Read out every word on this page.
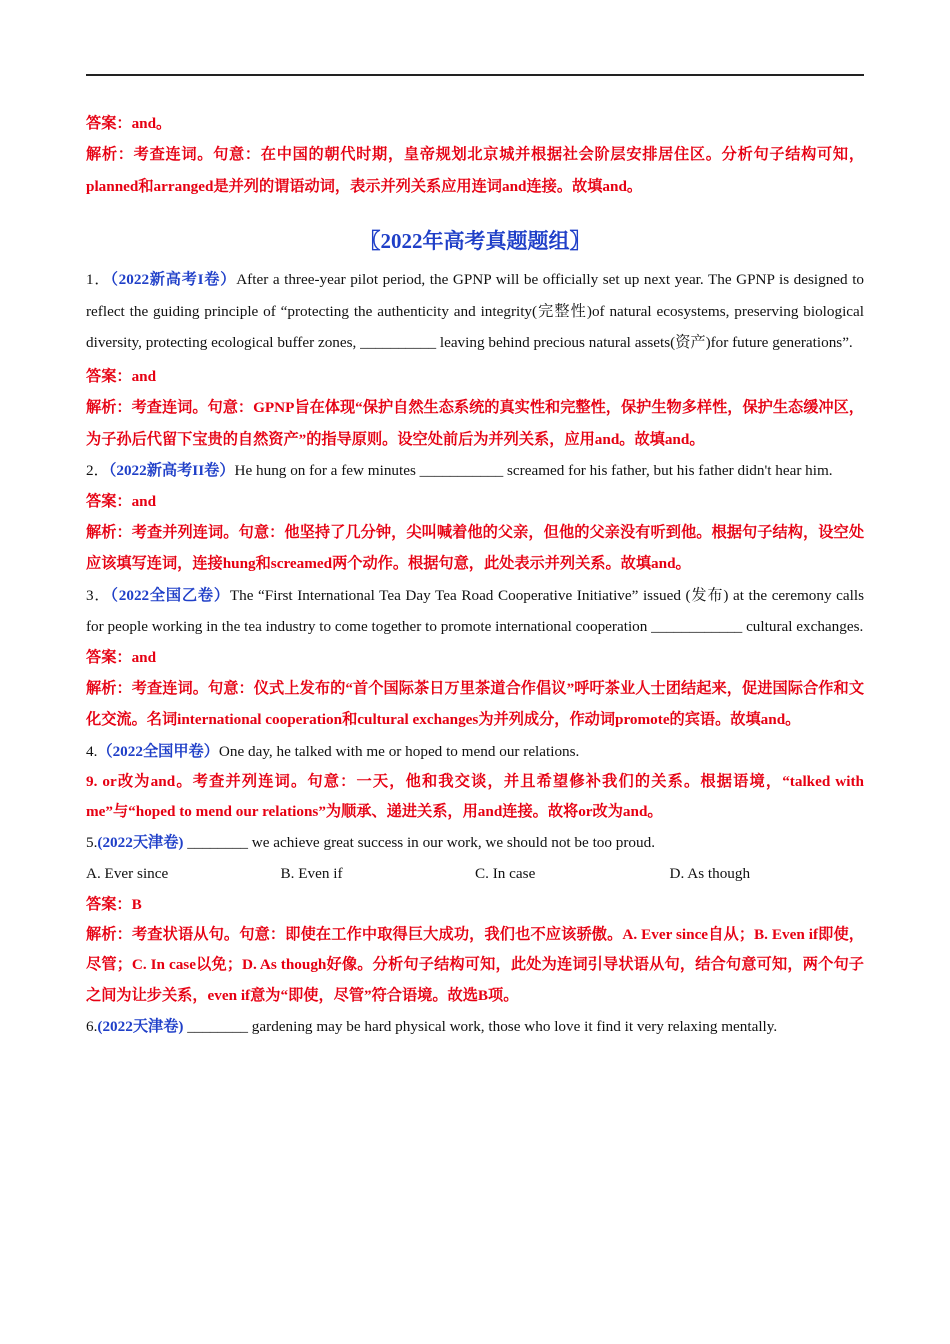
答案：and。
解析：考查连词。句意：在中国的朝代时期，皇帝规划北京城并根据社会阶层安排居住区。分析句子结构可知，planned和arranged是并列的谓语动词，表示并列关系应用连词and连接。故填and。
〖2022年高考真题题组〗
1．（2022新高考I卷）After a three-year pilot period, the GPNP will be officially set up next year. The GPNP is designed to reflect the guiding principle of “protecting the authenticity and integrity(完整性)of natural ecosystems, preserving biological diversity, protecting ecological buffer zones, __________ leaving behind precious natural assets(资产)for future generations”.
答案：and
解析：考查连词。句意：GPNP旨在体现“保护自然生态系统的真实性和完整性，保护生物多样性，保护生态缓冲区，为子孙后代留下宝贵的自然资产”的指导原则。设空处前后为并列关系，应用and。故填and。
2．（2022新高考II卷）He hung on for a few minutes ___________ screamed for his father, but his father didn't hear him.
答案：and
解析：考查并列连词。句意：他坚持了几分钟，尖叫喊着他的父亲，但他的父亲没有听到他。根据句子结构，设空处应该填写连词，连接hung和screamed两个动作。根据句意，此处表示并列关系。故填and。
3．（2022全国乙卷）The “First International Tea Day Tea Road Cooperative Initiative” issued (发布) at the ceremony calls for people working in the tea industry to come together to promote international cooperation ____________ cultural exchanges.
答案：and
解析：考查连词。句意：仪式上发布的“首个国际茶日万里茶道合作倡议”呼吁茶业人士团结起来，促进国际合作和文化交流。名词international cooperation和cultural exchanges为并列成分，作动词promote的宾语。故填and。
4.（2022全国甲卷）One day, he talked with me or hoped to mend our relations.
9. or改为and。考查并列连词。句意：一天，他和我交谈，并且希望修补我们的关系。根据语境，“talked with me”与“hoped to mend our relations”为顺承、递进关系，用and连接。故将or改为and。
5.(2022天津卷) ________ we achieve great success in our work, we should not be too proud.
A. Ever since	B. Even if	C. In case	D. As though
答案：B
解析：考查状语从句。句意：即使在工作中取得巨大成功，我们也不应该骄傲。A. Ever since自从；B. Even if即使，尽管；C. In case以免；D. As though好像。分析句子结构可知，此处为连词引导状语从句，结合句意可知，两个句子之间为让步关系，even if意为“即使，尽管”符合语境。故选B项。
6.(2022天津卷) ________ gardening may be hard physical work, those who love it find it very relaxing mentally.
